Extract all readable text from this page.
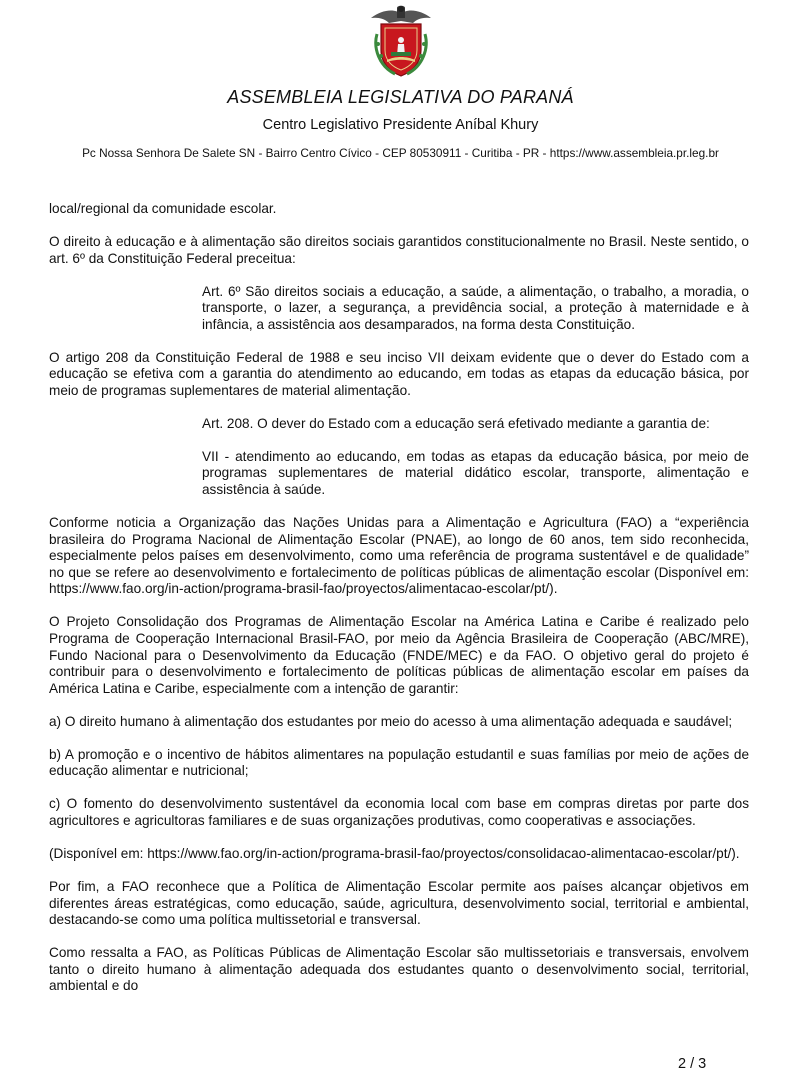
ASSEMBLEIA LEGISLATIVA DO PARANÁ
Centro Legislativo Presidente Aníbal Khury
Pc Nossa Senhora De Salete SN - Bairro Centro Cívico - CEP 80530911 - Curitiba - PR - https://www.assembleia.pr.leg.br

local/regional da comunidade escolar.

O direito à educação e à alimentação são direitos sociais garantidos constitucionalmente no Brasil. Neste sentido, o art. 6º da Constituição Federal preceitua:

Art. 6º São direitos sociais a educação, a saúde, a alimentação, o trabalho, a moradia, o transporte, o lazer, a segurança, a previdência social, a proteção à maternidade e à infância, a assistência aos desamparados, na forma desta Constituição.

O artigo 208 da Constituição Federal de 1988 e seu inciso VII deixam evidente que o dever do Estado com a educação se efetiva com a garantia do atendimento ao educando, em todas as etapas da educação básica, por meio de programas suplementares de material alimentação.

Art. 208. O dever do Estado com a educação será efetivado mediante a garantia de:

VII - atendimento ao educando, em todas as etapas da educação básica, por meio de programas suplementares de material didático escolar, transporte, alimentação e assistência à saúde.

Conforme noticia a Organização das Nações Unidas para a Alimentação e Agricultura (FAO) a “experiência brasileira do Programa Nacional de Alimentação Escolar (PNAE), ao longo de 60 anos, tem sido reconhecida, especialmente pelos países em desenvolvimento, como uma referência de programa sustentável e de qualidade” no que se refere ao desenvolvimento e fortalecimento de políticas públicas de alimentação escolar (Disponível em: https://www.fao.org/in-action/programa-brasil-fao/proyectos/alimentacao-escolar/pt/).

O Projeto Consolidação dos Programas de Alimentação Escolar na América Latina e Caribe é realizado pelo Programa de Cooperação Internacional Brasil-FAO, por meio da Agência Brasileira de Cooperação (ABC/MRE), Fundo Nacional para o Desenvolvimento da Educação (FNDE/MEC) e da FAO. O objetivo geral do projeto é contribuir para o desenvolvimento e fortalecimento de políticas públicas de alimentação escolar em países da América Latina e Caribe, especialmente com a intenção de garantir:

a) O direito humano à alimentação dos estudantes por meio do acesso à uma alimentação adequada e saudável;

b) A promoção e o incentivo de hábitos alimentares na população estudantil e suas famílias por meio de ações de educação alimentar e nutricional;

c) O fomento do desenvolvimento sustentável da economia local com base em compras diretas por parte dos agricultores e agricultoras familiares e de suas organizações produtivas, como cooperativas e associações.

(Disponível em: https://www.fao.org/in-action/programa-brasil-fao/proyectos/consolidacao-alimentacao-escolar/pt/).

Por fim, a FAO reconhece que a Política de Alimentação Escolar permite aos países alcançar objetivos em diferentes áreas estratégicas, como educação, saúde, agricultura, desenvolvimento social, territorial e ambiental, destacando-se como uma política multissetorial e transversal.

Como ressalta a FAO, as Políticas Públicas de Alimentação Escolar são multissetoriais e transversais, envolvem tanto o direito humano à alimentação adequada dos estudantes quanto o desenvolvimento social, territorial, ambiental e do

2 / 3
